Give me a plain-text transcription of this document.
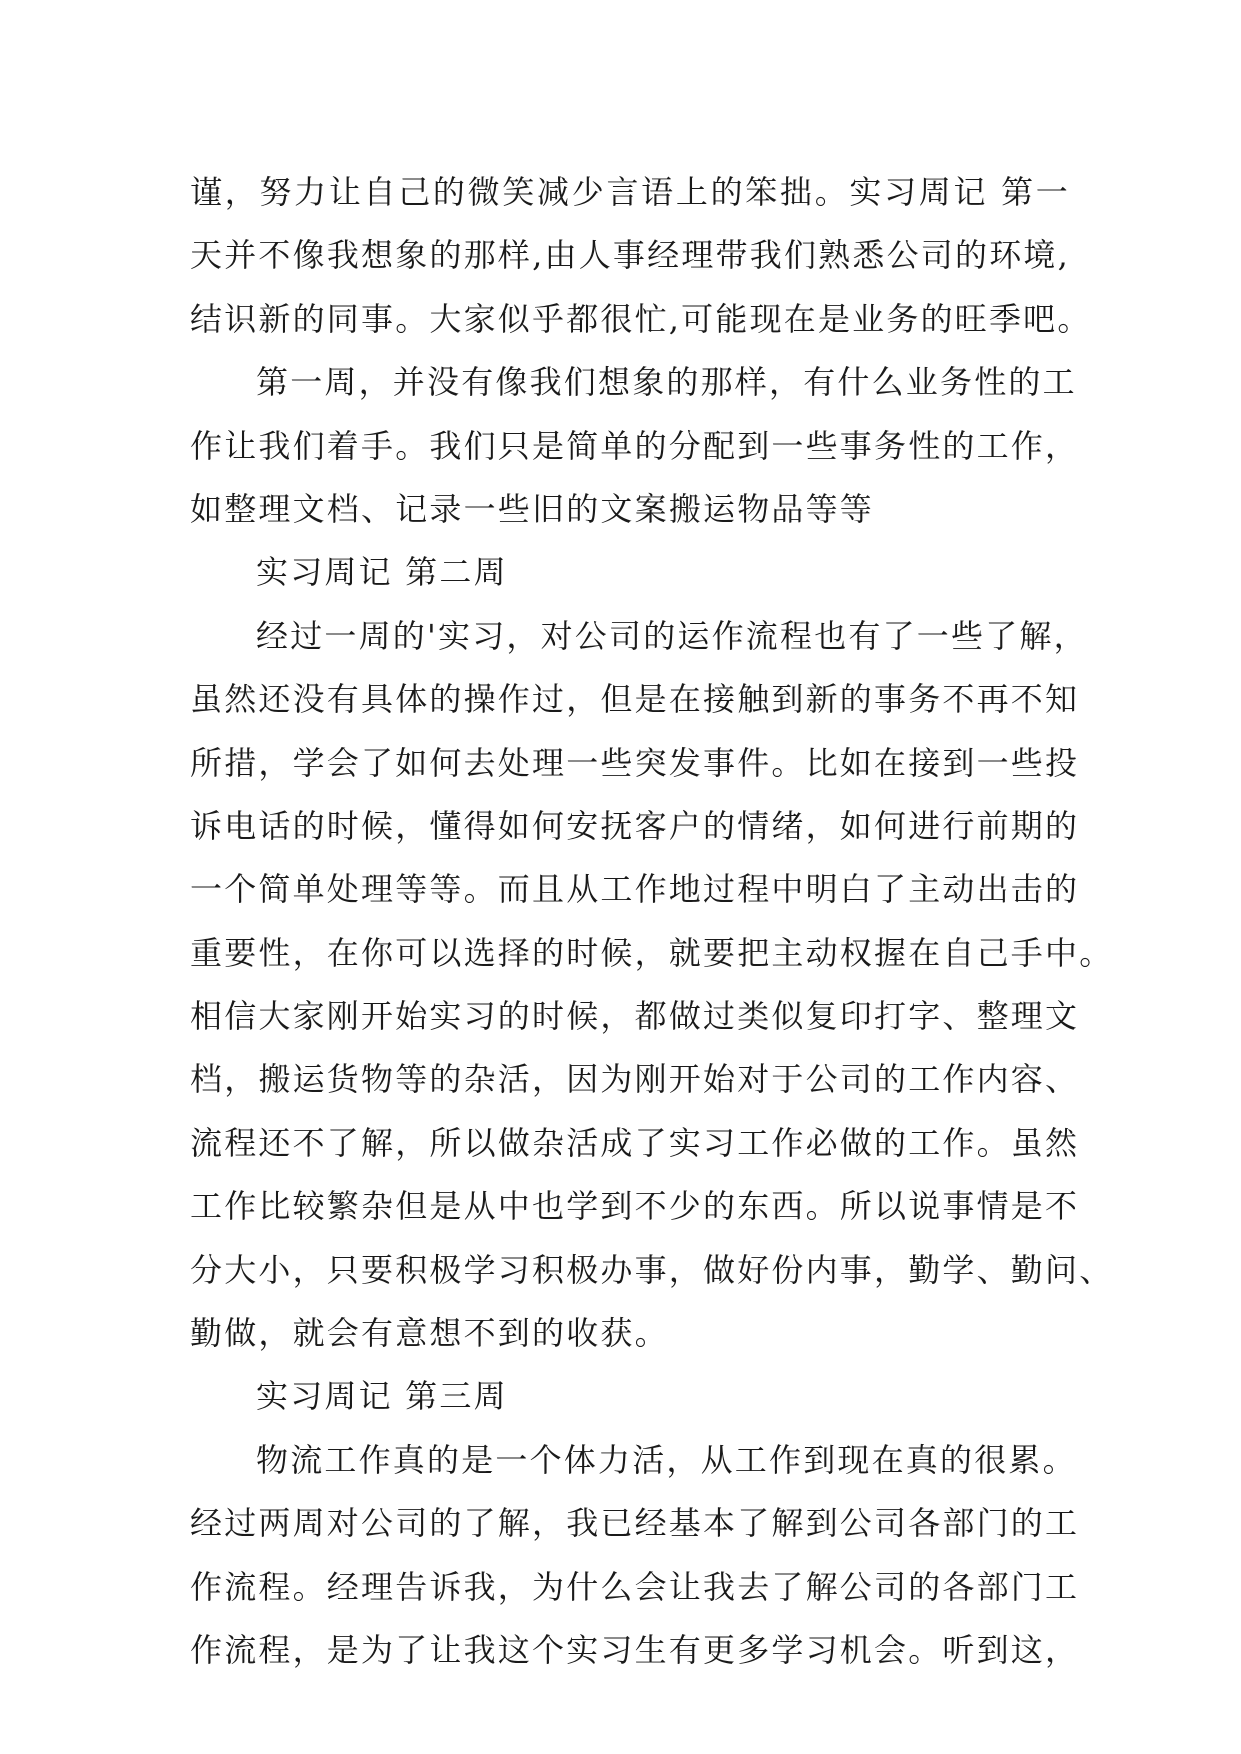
谨，努力让自己的微笑减少言语上的笨拙。实习周记 第一
天并不像我想象的那样,由人事经理带我们熟悉公司的环境,
结识新的同事。大家似乎都很忙,可能现在是业务的旺季吧。
第一周，并没有像我们想象的那样，有什么业务性的工
作让我们着手。我们只是简单的分配到一些事务性的工作，
如整理文档、记录一些旧的文案搬运物品等等
实习周记 第二周
经过一周的'实习，对公司的运作流程也有了一些了解，
虽然还没有具体的操作过，但是在接触到新的事务不再不知
所措，学会了如何去处理一些突发事件。比如在接到一些投
诉电话的时候，懂得如何安抚客户的情绪，如何进行前期的
一个简单处理等等。而且从工作地过程中明白了主动出击的
重要性，在你可以选择的时候，就要把主动权握在自己手中。
相信大家刚开始实习的时候，都做过类似复印打字、整理文
档，搬运货物等的杂活，因为刚开始对于公司的工作内容、
流程还不了解，所以做杂活成了实习工作必做的工作。虽然
工作比较繁杂但是从中也学到不少的东西。所以说事情是不
分大小，只要积极学习积极办事，做好份内事，勤学、勤问、
勤做，就会有意想不到的收获。
实习周记 第三周
物流工作真的是一个体力活，从工作到现在真的很累。
经过两周对公司的了解，我已经基本了解到公司各部门的工
作流程。经理告诉我，为什么会让我去了解公司的各部门工
作流程，是为了让我这个实习生有更多学习机会。听到这，
